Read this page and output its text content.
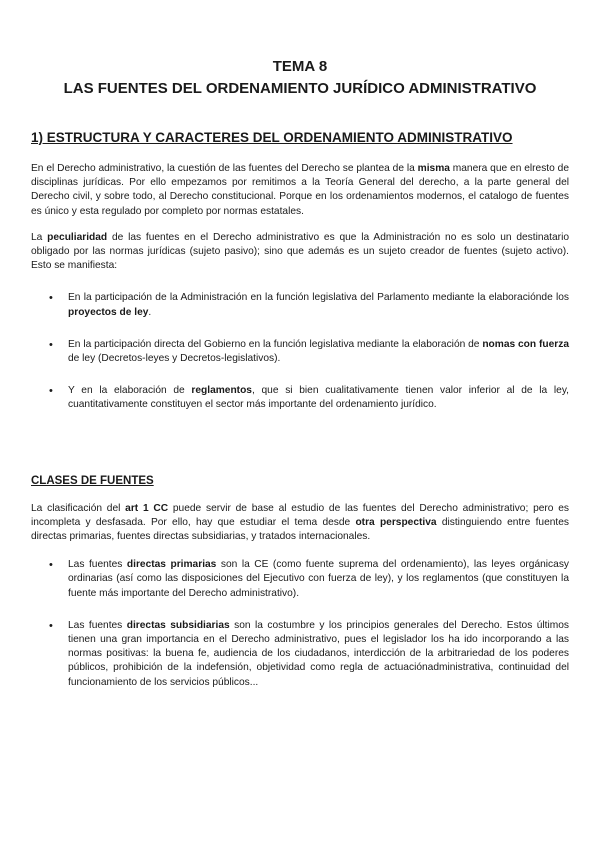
TEMA 8
LAS FUENTES DEL ORDENAMIENTO JURÍDICO ADMINISTRATIVO
1) ESTRUCTURA Y CARACTERES DEL ORDENAMIENTO ADMINISTRATIVO

En el Derecho administrativo, la cuestión de las fuentes del Derecho se plantea de la misma manera que en elresto de disciplinas jurídicas. Por ello empezamos por remitimos a la Teoría General del derecho, a la parte general del Derecho civil, y sobre todo, al Derecho constitucional. Porque en los ordenamientos modernos, el catalogo de fuentes es único y esta regulado por completo por normas estatales.

La peculiaridad de las fuentes en el Derecho administrativo es que la Administración no es solo un destinatario obligado por las normas jurídicas (sujeto pasivo); sino que además es un sujeto creador de fuentes (sujeto activo). Esto se manifiesta:

• En la participación de la Administración en la función legislativa del Parlamento mediante la elaboraciónde los proyectos de ley.
• En la participación directa del Gobierno en la función legislativa mediante la elaboración de nomas con fuerza de ley (Decretos-leyes y Decretos-legislativos).
• Y en la elaboración de reglamentos, que si bien cualitativamente tienen valor inferior al de la ley, cuantitativamente constituyen el sector más importante del ordenamiento jurídico.
CLASES DE FUENTES

La clasificación del art 1 CC puede servir de base al estudio de las fuentes del Derecho administrativo; pero es incompleta y desfasada. Por ello, hay que estudiar el tema desde otra perspectiva distinguiendo entre fuentes directas primarias, fuentes directas subsidiarias, y tratados internacionales.

• Las fuentes directas primarias son la CE (como fuente suprema del ordenamiento), las leyes orgánicasy ordinarias (así como las disposiciones del Ejecutivo con fuerza de ley), y los reglamentos (que constituyen la fuente más importante del Derecho administrativo).
• Las fuentes directas subsidiarias son la costumbre y los principios generales del Derecho. Estos últimos tienen una gran importancia en el Derecho administrativo, pues el legislador los ha ido incorporando a las normas positivas: la buena fe, audiencia de los ciudadanos, interdicción de la arbitrariedad de los poderes públicos, prohibición de la indefensión, objetividad como regla de actuaciónadministrativa, continuidad del funcionamiento de los servicios públicos...
